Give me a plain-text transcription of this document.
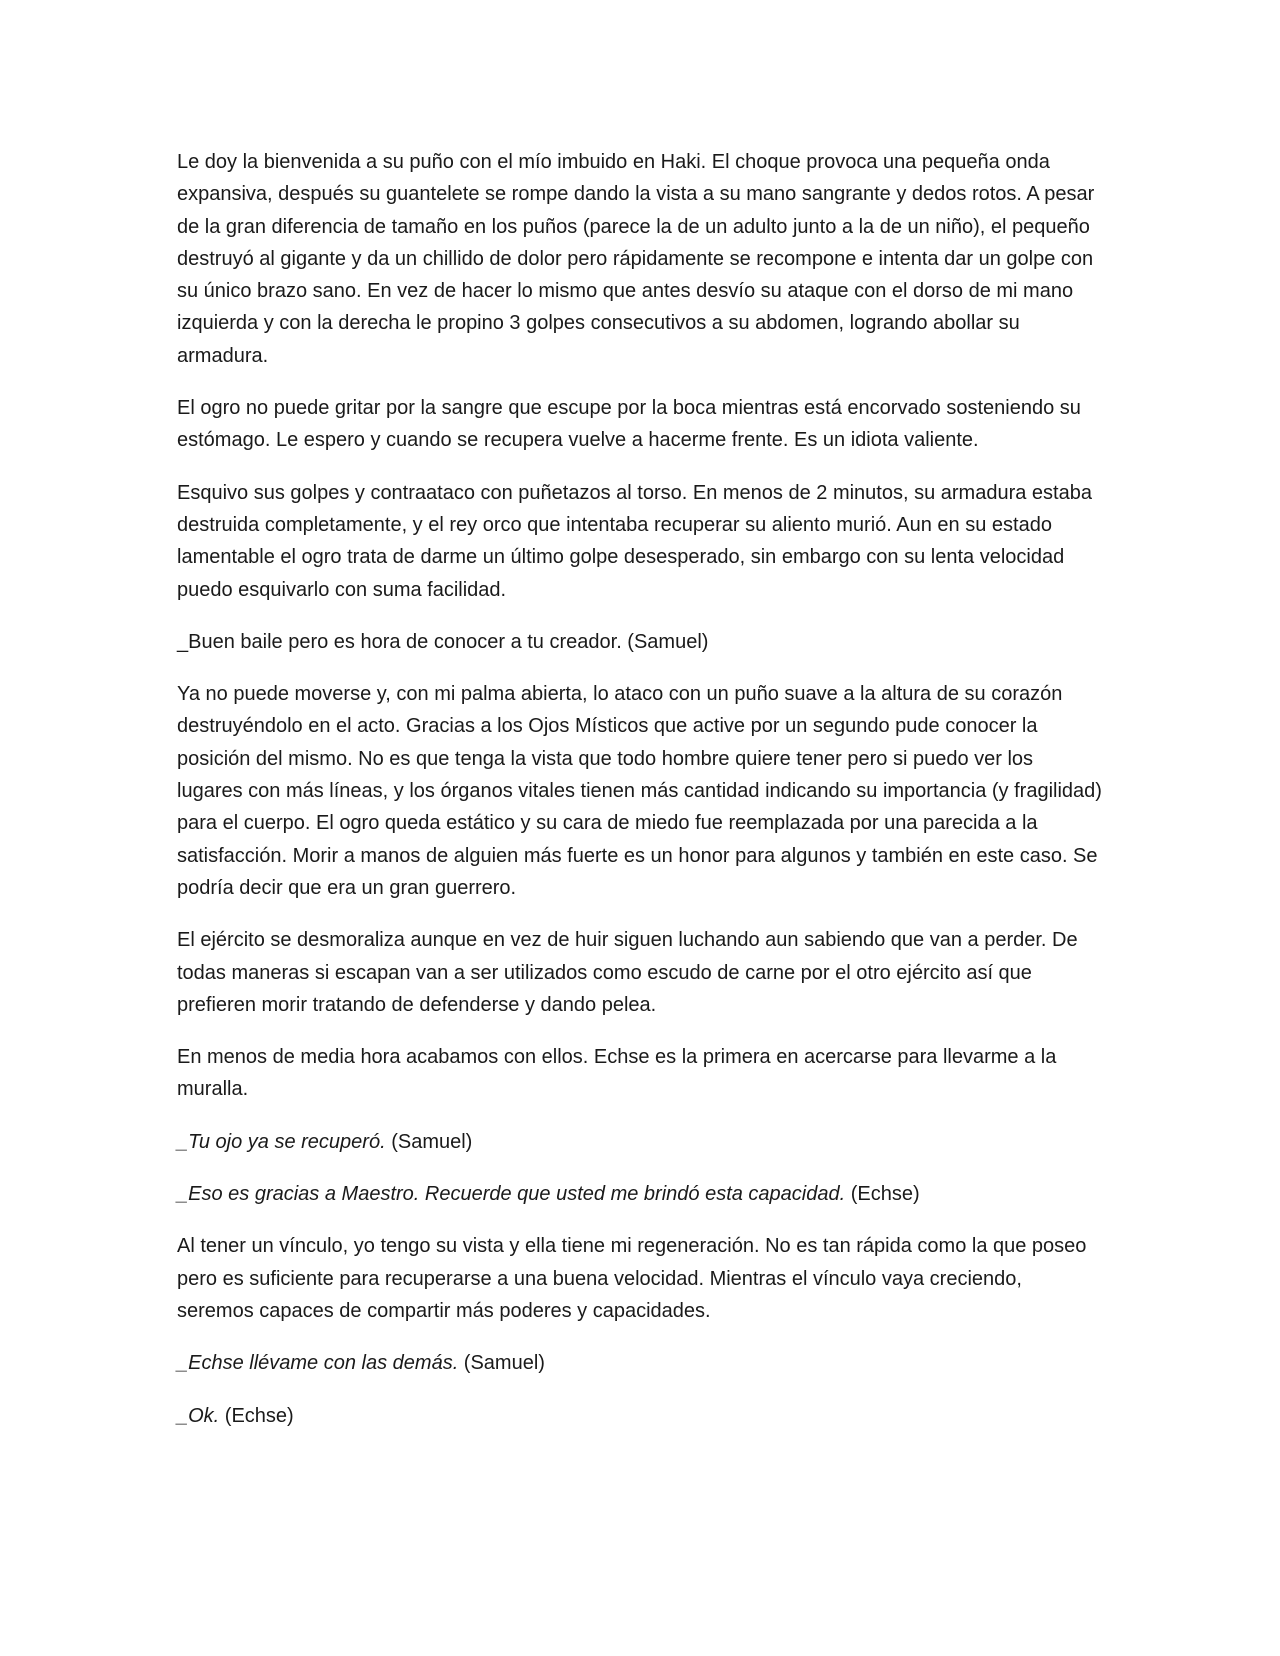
Le doy la bienvenida a su puño con el mío imbuido en Haki. El choque provoca una pequeña onda expansiva, después su guantelete se rompe dando la vista a su mano sangrante y dedos rotos. A pesar de la gran diferencia de tamaño en los puños (parece la de un adulto junto a la de un niño), el pequeño destruyó al gigante y da un chillido de dolor pero rápidamente se recompone e intenta dar un golpe con su único brazo sano. En vez de hacer lo mismo que antes desvío su ataque con el dorso de mi mano izquierda y con la derecha le propino 3 golpes consecutivos a su abdomen, logrando abollar su armadura.

El ogro no puede gritar por la sangre que escupe por la boca mientras está encorvado sosteniendo su estómago. Le espero y cuando se recupera vuelve a hacerme frente. Es un idiota valiente.

Esquivo sus golpes y contraataco con puñetazos al torso. En menos de 2 minutos, su armadura estaba destruida completamente, y el rey orco que intentaba recuperar su aliento murió. Aun en su estado lamentable el ogro trata de darme un último golpe desesperado, sin embargo con su lenta velocidad puedo esquivarlo con suma facilidad.

_Buen baile pero es hora de conocer a tu creador. (Samuel)

Ya no puede moverse y, con mi palma abierta, lo ataco con un puño suave a la altura de su corazón destruyéndolo en el acto. Gracias a los Ojos Místicos que active por un segundo pude conocer la posición del mismo. No es que tenga la vista que todo hombre quiere tener pero si puedo ver los lugares con más líneas, y los órganos vitales tienen más cantidad indicando su importancia (y fragilidad) para el cuerpo. El ogro queda estático y su cara de miedo fue reemplazada por una parecida a la satisfacción. Morir a manos de alguien más fuerte es un honor para algunos y también en este caso. Se podría decir que era un gran guerrero.

El ejército se desmoraliza aunque en vez de huir siguen luchando aun sabiendo que van a perder. De todas maneras si escapan van a ser utilizados como escudo de carne por el otro ejército así que prefieren morir tratando de defenderse y dando pelea.

En menos de media hora acabamos con ellos. Echse es la primera en acercarse para llevarme a la muralla.

_Tu ojo ya se recuperó. (Samuel)

_Eso es gracias a Maestro. Recuerde que usted me brindó esta capacidad. (Echse)

Al tener un vínculo, yo tengo su vista y ella tiene mi regeneración. No es tan rápida como la que poseo pero es suficiente para recuperarse a una buena velocidad. Mientras el vínculo vaya creciendo, seremos capaces de compartir más poderes y capacidades.

_Echse llévame con las demás. (Samuel)

_Ok. (Echse)
